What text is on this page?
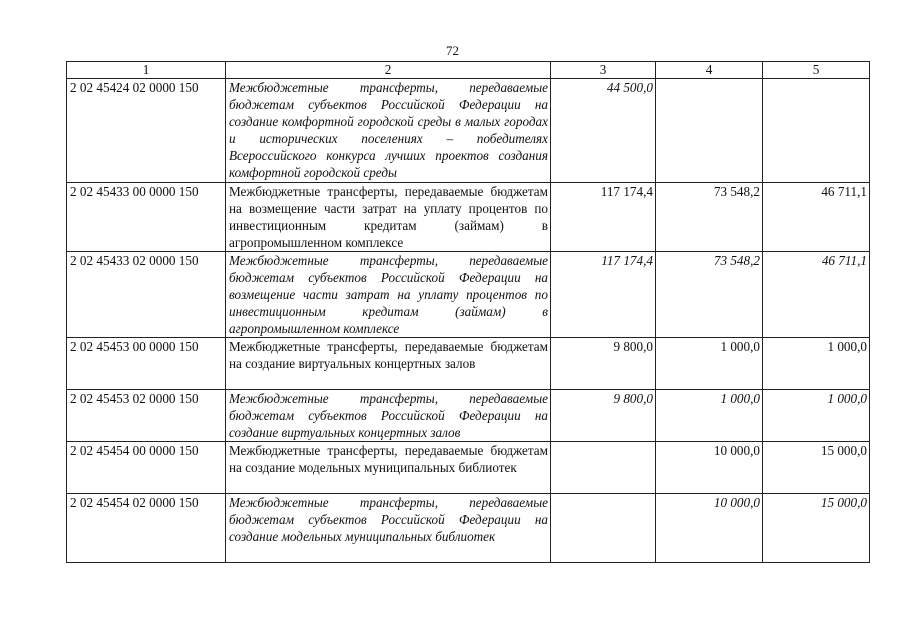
72
1	2	3	4	5
2 02 45424 02 0000 150	Межбюджетные трансферты, передаваемые бюджетам субъектов Российской Федерации на создание комфортной городской среды в малых городах и исторических поселениях – победителях Всероссийского конкурса лучших проектов создания комфортной городской среды	44 500,0		
2 02 45433 00 0000 150	Межбюджетные трансферты, передаваемые бюджетам на возмещение части затрат на уплату процентов по инвестиционным кредитам (займам) в агропромышленном комплексе	117 174,4	73 548,2	46 711,1
2 02 45433 02 0000 150	Межбюджетные трансферты, передаваемые бюджетам субъектов Российской Федерации на возмещение части затрат на уплату процентов по инвестиционным кредитам (займам) в агропромышленном комплексе	117 174,4	73 548,2	46 711,1
2 02 45453 00 0000 150	Межбюджетные трансферты, передаваемые бюджетам на создание виртуальных концертных залов	9 800,0	1 000,0	1 000,0
2 02 45453 02 0000 150	Межбюджетные трансферты, передаваемые бюджетам субъектов Российской Федерации на создание виртуальных концертных залов	9 800,0	1 000,0	1 000,0
2 02 45454 00 0000 150	Межбюджетные трансферты, передаваемые бюджетам на создание модельных муниципальных библиотек		10 000,0	15 000,0
2 02 45454 02 0000 150	Межбюджетные трансферты, передаваемые бюджетам субъектов Российской Федерации на создание модельных муниципальных библиотек		10 000,0	15 000,0
